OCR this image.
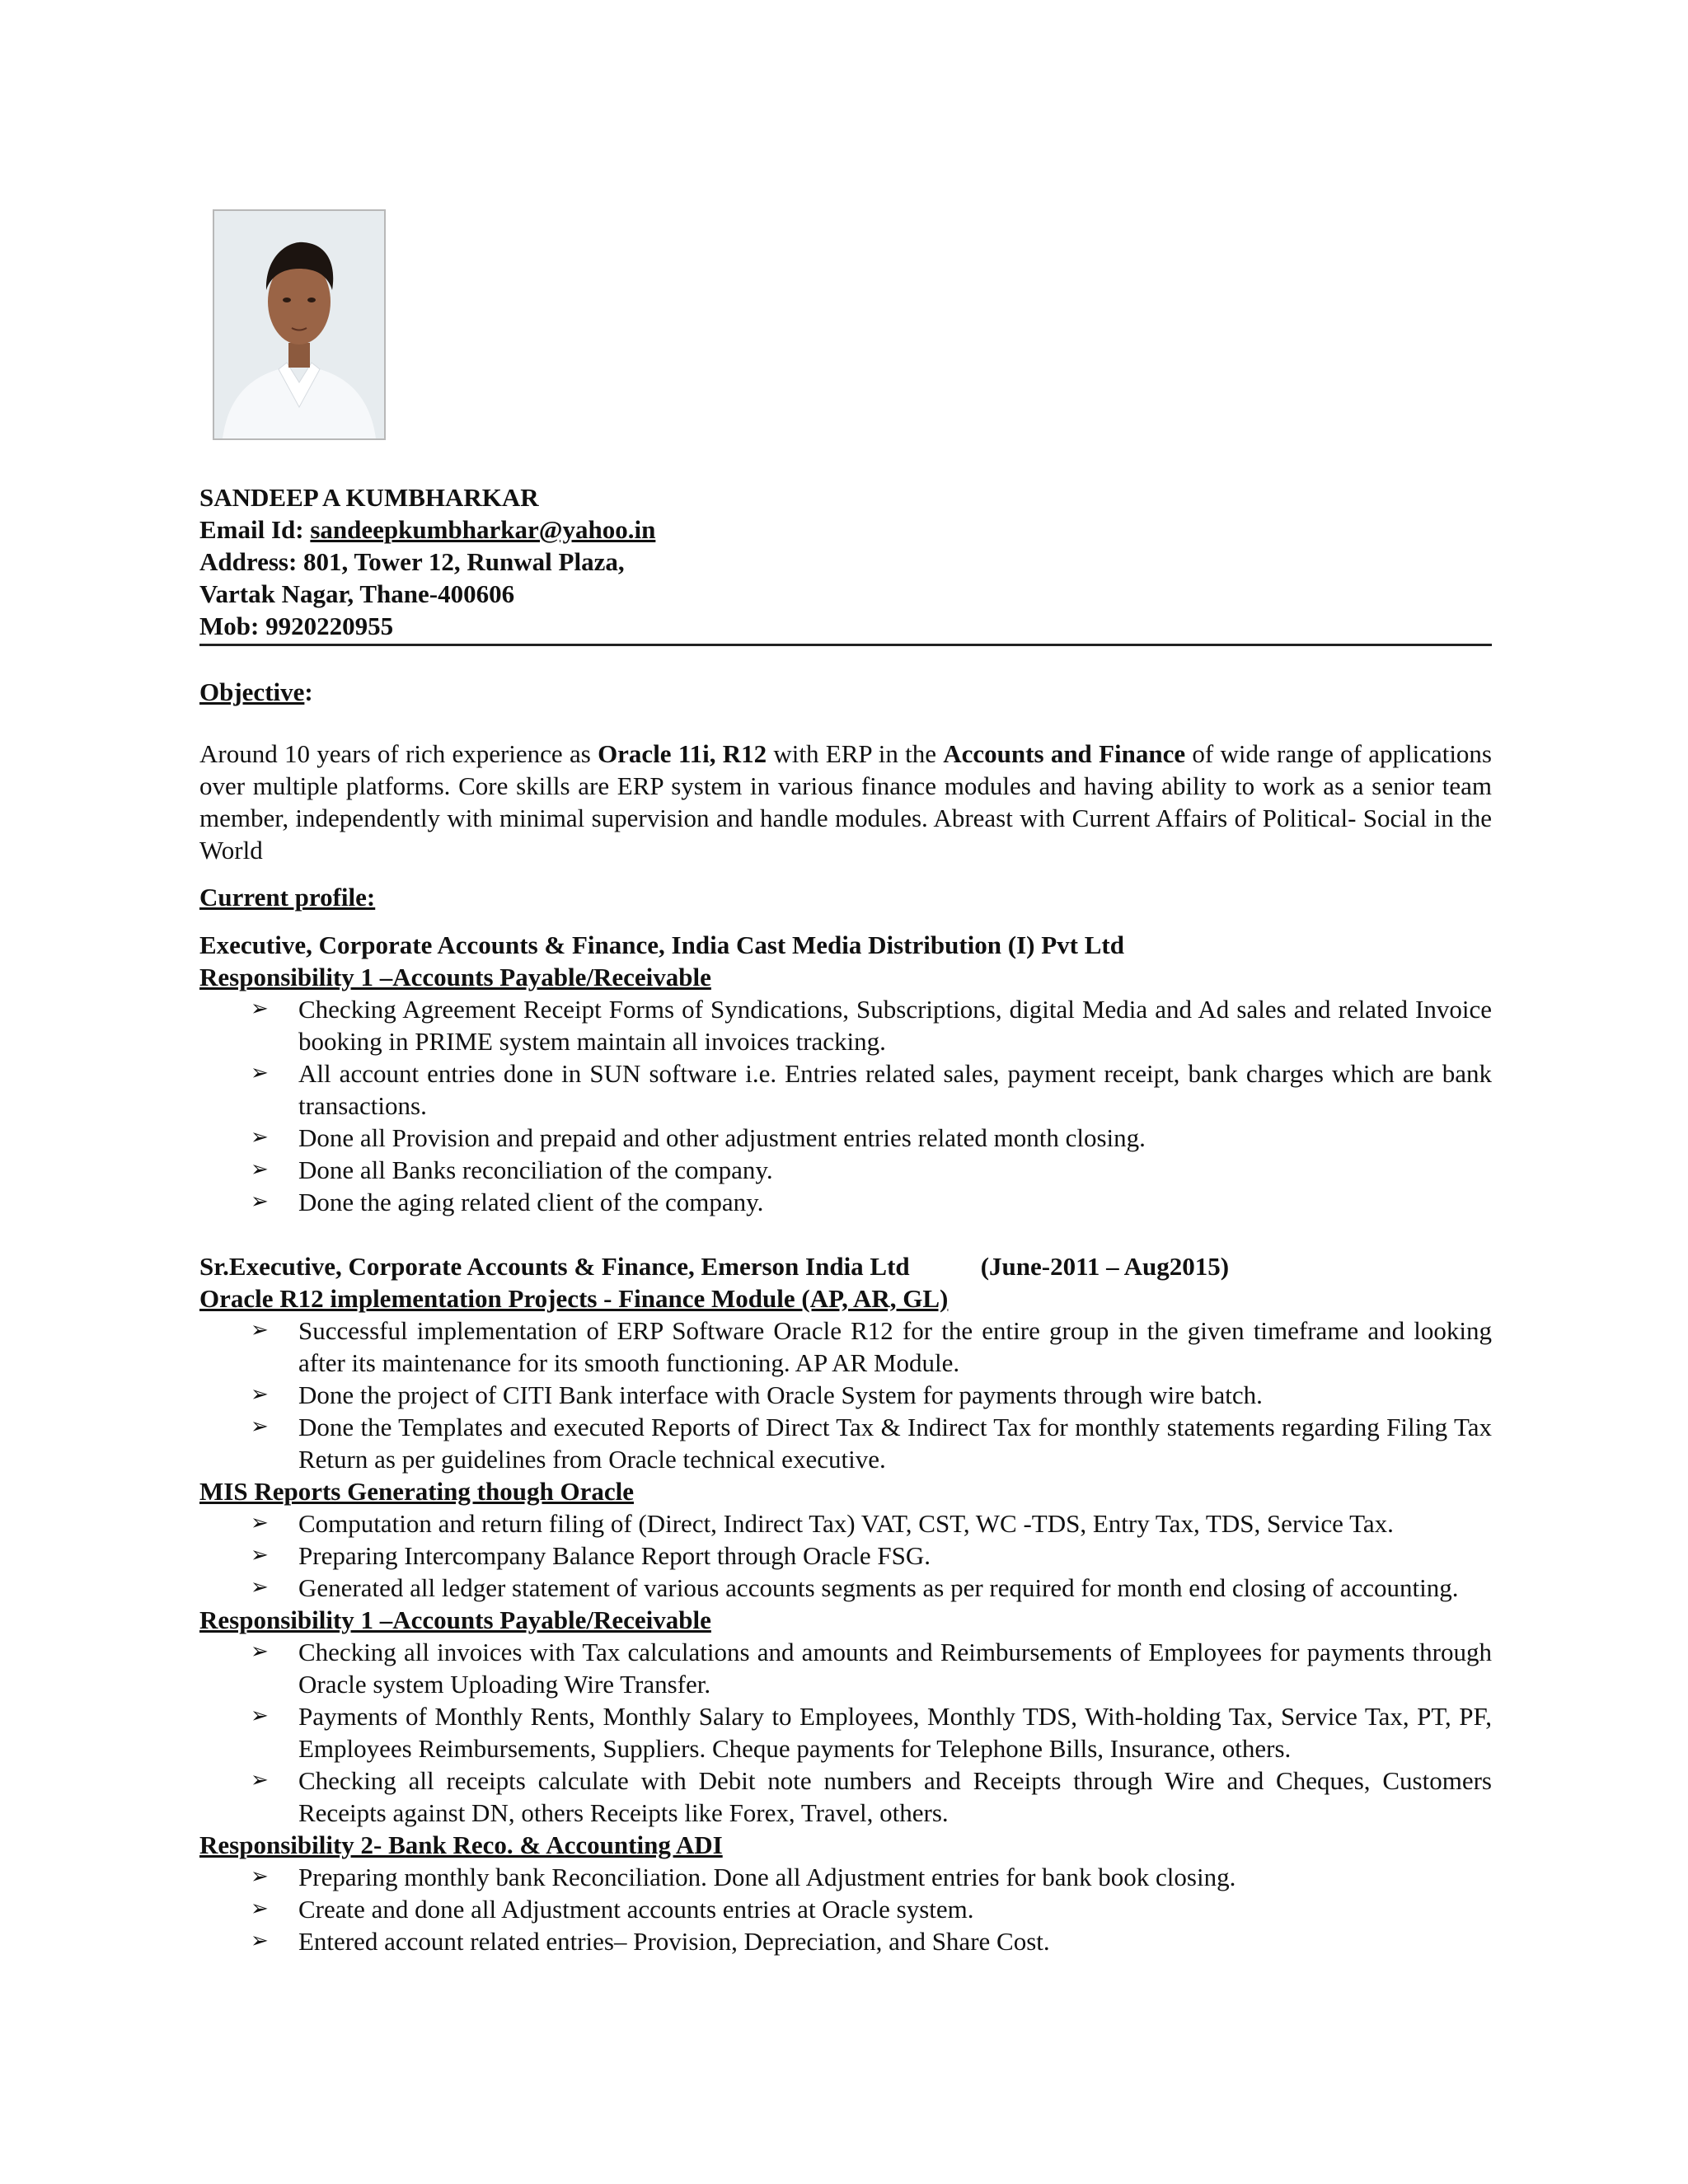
SANDEEP A KUMBHARKAR
Email Id: sandeepkumbharkar@yahoo.in
Address: 801, Tower 12, Runwal Plaza,
Vartak Nagar, Thane-400606
Mob: 9920220955
Objective:

Around 10 years of rich experience as Oracle 11i, R12 with ERP in the Accounts and Finance of wide range of applications over multiple platforms. Core skills are ERP system in various finance modules and having ability to work as a senior team member, independently with minimal supervision and handle modules. Abreast with Current Affairs of Political- Social in the World

Current profile:
Executive, Corporate Accounts & Finance, India Cast Media Distribution (I) Pvt Ltd
Responsibility 1 –Accounts Payable/Receivable
➢ Checking Agreement Receipt Forms of Syndications, Subscriptions, digital Media and Ad sales and related Invoice booking in PRIME system maintain all invoices tracking.
➢ All account entries done in SUN software i.e. Entries related sales, payment receipt, bank charges which are bank transactions.
➢ Done all Provision and prepaid and other adjustment entries related month closing.
➢ Done all Banks reconciliation of the company.
➢ Done the aging related client of the company.
Sr.Executive, Corporate Accounts & Finance, Emerson India Ltd	(June-2011 – Aug2015)
Oracle R12 implementation Projects - Finance Module (AP, AR, GL)
➢ Successful implementation of ERP Software Oracle R12 for the entire group in the given timeframe and looking after its maintenance for its smooth functioning. AP AR Module.
➢ Done the project of CITI Bank interface with Oracle System for payments through wire batch.
➢ Done the Templates and executed Reports of Direct Tax & Indirect Tax for monthly statements regarding Filing Tax Return as per guidelines from Oracle technical executive.
MIS Reports Generating though Oracle
➢ Computation and return filing of (Direct, Indirect Tax) VAT, CST, WC -TDS, Entry Tax, TDS, Service Tax.
➢ Preparing Intercompany Balance Report through Oracle FSG.
➢ Generated all ledger statement of various accounts segments as per required for month end closing of accounting.
Responsibility 1 –Accounts Payable/Receivable
➢ Checking all invoices with Tax calculations and amounts and Reimbursements of Employees for payments through Oracle system Uploading Wire Transfer.
➢ Payments of Monthly Rents, Monthly Salary to Employees, Monthly TDS, With-holding Tax, Service Tax, PT, PF, Employees Reimbursements, Suppliers. Cheque payments for Telephone Bills, Insurance, others.
➢ Checking all receipts calculate with Debit note numbers and Receipts through Wire and Cheques, Customers Receipts against DN, others Receipts like Forex, Travel, others.
Responsibility 2- Bank Reco. & Accounting ADI
➢ Preparing monthly bank Reconciliation. Done all Adjustment entries for bank book closing.
➢ Create and done all Adjustment accounts entries at Oracle system.
➢ Entered account related entries– Provision, Depreciation, and Share Cost.
